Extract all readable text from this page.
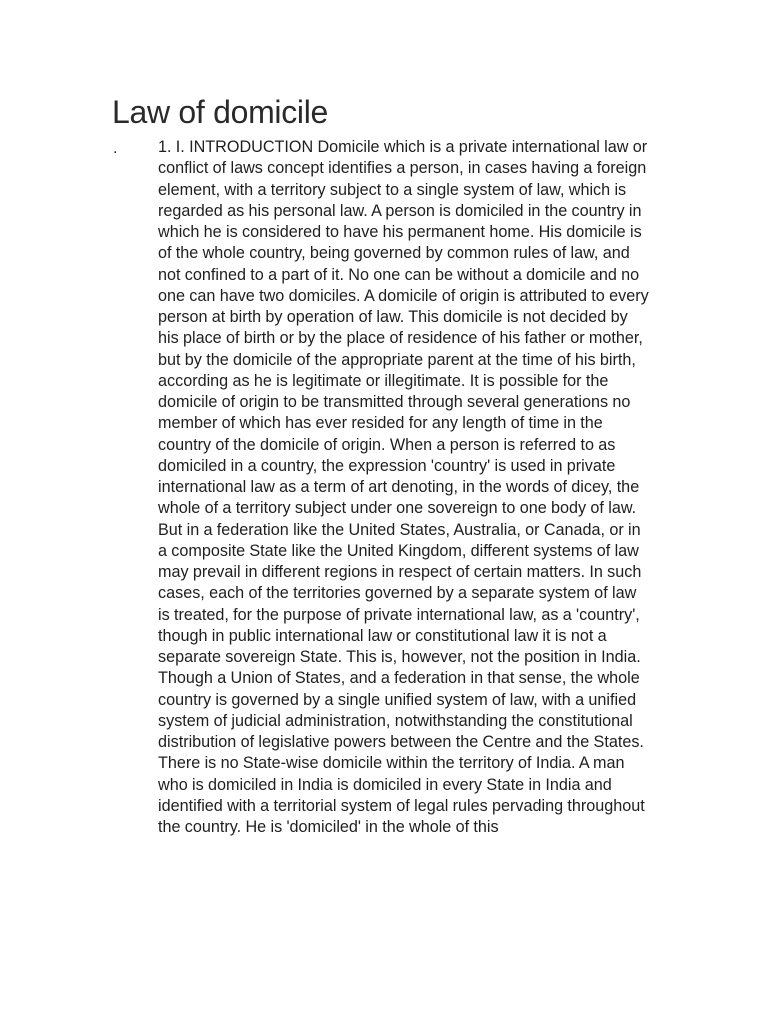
Law of domicile
.	1. I. INTRODUCTION Domicile which is a private international law or conflict of laws concept identifies a person, in cases having a foreign element, with a territory subject to a single system of law, which is regarded as his personal law. A person is domiciled in the country in which he is considered to have his permanent home. His domicile is of the whole country, being governed by common rules of law, and not confined to a part of it. No one can be without a domicile and no one can have two domiciles. A domicile of origin is attributed to every person at birth by operation of law. This domicile is not decided by his place of birth or by the place of residence of his father or mother, but by the domicile of the appropriate parent at the time of his birth, according as he is legitimate or illegitimate. It is possible for the domicile of origin to be transmitted through several generations no member of which has ever resided for any length of time in the country of the domicile of origin. When a person is referred to as domiciled in a country, the expression 'country' is used in private international law as a term of art denoting, in the words of dicey, the whole of a territory subject under one sovereign to one body of law. But in a federation like the United States, Australia, or Canada, or in a composite State like the United Kingdom, different systems of law may prevail in different regions in respect of certain matters. In such cases, each of the territories governed by a separate system of law is treated, for the purpose of private international law, as a 'country', though in public international law or constitutional law it is not a separate sovereign State. This is, however, not the position in India. Though a Union of States, and a federation in that sense, the whole country is governed by a single unified system of law, with a unified system of judicial administration, notwithstanding the constitutional distribution of legislative powers between the Centre and the States. There is no State-wise domicile within the territory of India. A man who is domiciled in India is domiciled in every State in India and identified with a territorial system of legal rules pervading throughout the country. He is 'domiciled' in the whole of this
